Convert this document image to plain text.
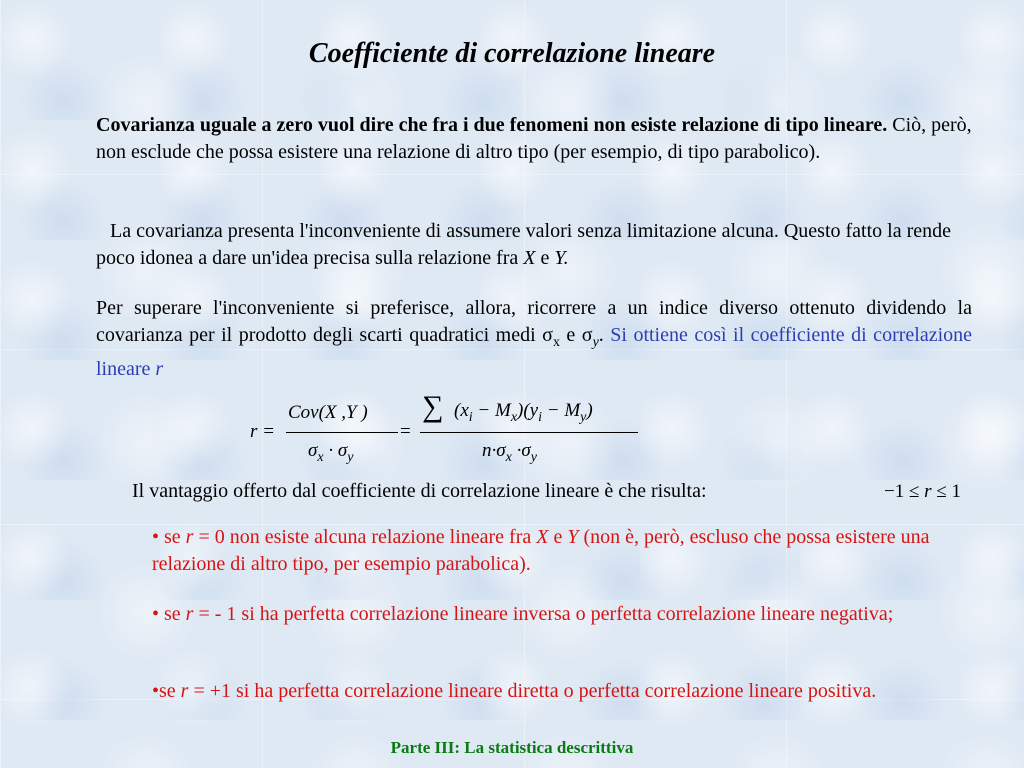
Coefficiente di correlazione lineare
Covarianza uguale a zero vuol dire che fra i due fenomeni non esiste relazione di tipo lineare. Ciò, però, non esclude che possa esistere una relazione di altro tipo (per esempio, di tipo parabolico).
La covarianza presenta l'inconveniente di assumere valori senza limitazione alcuna. Questo fatto la rende poco idonea a dare un'idea precisa sulla relazione fra X e Y.
Per superare l'inconveniente si preferisce, allora, ricorrere a un indice diverso ottenuto dividendo la covarianza per il prodotto degli scarti quadratici medi $\sigma_x$ e $\sigma_y$. Si ottiene così il coefficiente di correlazione lineare r
r =
Cov(X ,Y )
$\sigma_x \cdot \sigma_y$
=
∑ $(x_i - M_x)(y_i - M_y)$
$n\cdot\sigma_x \cdot\sigma_y$
Il vantaggio offerto dal coefficiente di correlazione lineare è che risulta:	−1 ≤ r ≤ 1
• se r = 0 non esiste alcuna relazione lineare fra X e Y (non è, però, escluso che possa esistere una relazione di altro tipo, per esempio parabolica).
• se r = - 1 si ha perfetta correlazione lineare inversa o perfetta correlazione lineare negativa;
•se r = +1 si ha perfetta correlazione lineare diretta o perfetta correlazione lineare positiva.
Parte III: La statistica descrittiva
